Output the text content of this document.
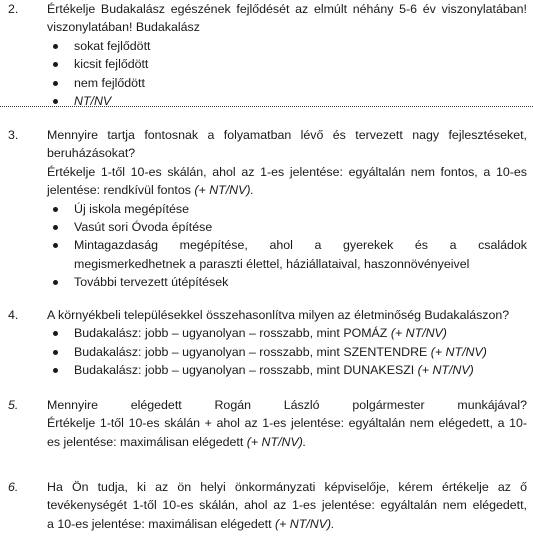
2. Értékelje Budakalász egészének fejlődését az elmúlt néhány 5-6 év viszonylatában!
viszonylatában! Budakalász
sokat fejlődött
kicsit fejlődött
nem fejlődött
NT/NV
3. Mennyire tartja fontosnak a folyamatban lévő és tervezett nagy fejlesztéseket,
beruházásokat?
Értékelje 1-től 10-es skálán, ahol az 1-es jelentése: egyáltalán nem fontos, a 10-es
jelentése: rendkívül fontos (+ NT/NV).
Új iskola megépítése
Vasút sori Óvoda építése
Mintagazdaság megépítése, ahol a gyerekek és a családok
megismerkedhetnek a paraszti élettel, háziállataival, haszonnövényeivel
További tervezett útépítések
4. A környékbeli településekkel összehasonlítva milyen az életminőség Budakalászon?
Budakalász: jobb – ugyanolyan – rosszabb, mint POMÁZ (+ NT/NV)
Budakalász: jobb – ugyanolyan – rosszabb, mint SZENTENDRE (+ NT/NV)
Budakalász: jobb – ugyanolyan – rosszabb, mint DUNAKESZI (+ NT/NV)
5. Mennyire elégedett Rogán László polgármester munkájával?
Értékelje 1-től 10-es skálán + ahol az 1-es jelentése: egyáltalán nem elégedett, a 10-
es jelentése: maximálisan elégedett (+ NT/NV).
6. Ha Ön tudja, ki az ön helyi önkormányzati képviselője, kérem értékelje az ő
tevékenységét 1-től 10-es skálán, ahol az 1-es jelentése: egyáltalán nem elégedett,
a 10-es jelentése: maximálisan elégedett (+ NT/NV).
